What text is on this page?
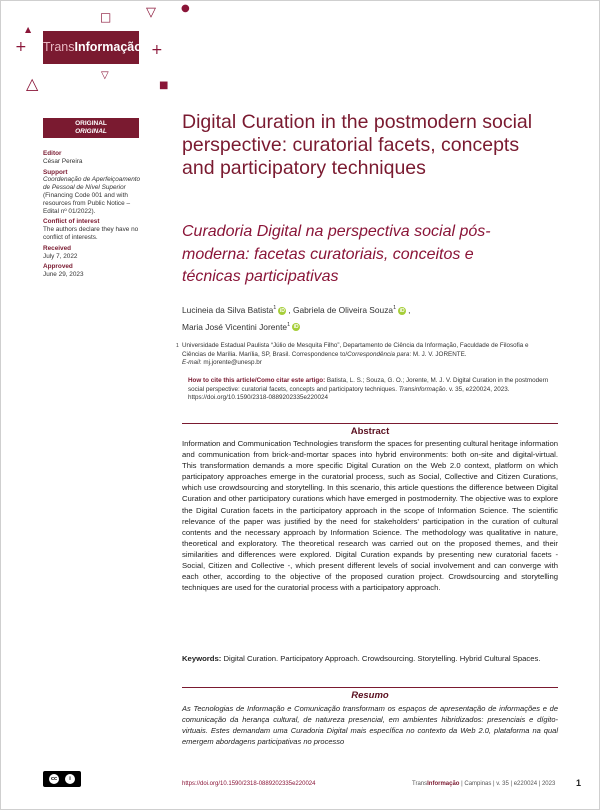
□	▽	●
+	+
▽
△	■
▲
TransInformação
ORIGINAL
ORIGINAL
Editor
César Pereira
Support
Coordenação de Aperfeiçoamento de Pessoal de Nível Superior (Financing Code 001 and with resources from Public Notice – Edital nº 01/2022).
Conflict of interest
The authors declare they have no conflict of interests.
Received
July 7, 2022
Approved
June 29, 2023
Digital Curation in the postmodern social perspective: curatorial facets, concepts and participatory techniques
Curadoria Digital na perspectiva social pós-moderna: facetas curatoriais, conceitos e técnicas participativas
Lucineia da Silva Batista$^1$ iD , Gabriela de Oliveira Souza$^1$ iD ,
Maria José Vicentini Jorente$^1$ iD
1 Universidade Estadual Paulista “Júlio de Mesquita Filho”, Departamento de Ciência da Informação, Faculdade de Filosofia e Ciências de Marília. Marília, SP, Brasil. Correspondence to/Correspondência para: M. J. V. JORENTE.
E-mail: mj.jorente@unesp.br
How to cite this article/Como citar este artigo: Batista, L. S.; Souza, G. O.; Jorente, M. J. V. Digital Curation in the postmodern social perspective: curatorial facets, concepts and participatory techniques. Transinformação. v. 35, e220024, 2023. https://doi.org/10.1590/2318-0889202335e220024
Abstract

Information and Communication Technologies transform the spaces for presenting cultural heritage information and communication from brick-and-mortar spaces into hybrid environments: both on-site and digital-virtual. This transformation demands a more specific Digital Curation on the Web 2.0 context, platform on which participatory approaches emerge in the curatorial process, such as Social, Collective and Citizen Curations, which use crowdsourcing and storytelling. In this scenario, this article questions the difference between Digital Curation and other participatory curations which have emerged in postmodernity. The objective was to explore the Digital Curation facets in the participatory approach in the scope of Information Science. The scientific relevance of the paper was justified by the need for stakeholders' participation in the curation of cultural contents and the necessary approach by Information Science. The methodology was qualitative in nature, theoretical and exploratory. The theoretical research was carried out on the proposed themes, and their similarities and differences were explored. Digital Curation expands by presenting new curatorial facets - Social, Citizen and Collective -, which present different levels of social involvement and can converge with each other, according to the objective of the proposed curation project. Crowdsourcing and storytelling techniques are used for the curatorial process with a participatory approach.

Keywords: Digital Curation. Participatory Approach. Crowdsourcing. Storytelling. Hybrid Cultural Spaces.

Resumo

As Tecnologias de Informação e Comunicação transformam os espaços de apresentação de informações e de comunicação da herança cultural, de natureza presencial, em ambientes hibridizados: presenciais e dígito-virtuais. Estes demandam uma Curadoria Digital mais específica no contexto da Web 2.0, plataforma na qual emergem abordagens participativas no processo

cc	i
https://doi.org/10.1590/2318-0889202335e220024	TransInformação | Campinas | v. 35 | e220024 | 2023 1
